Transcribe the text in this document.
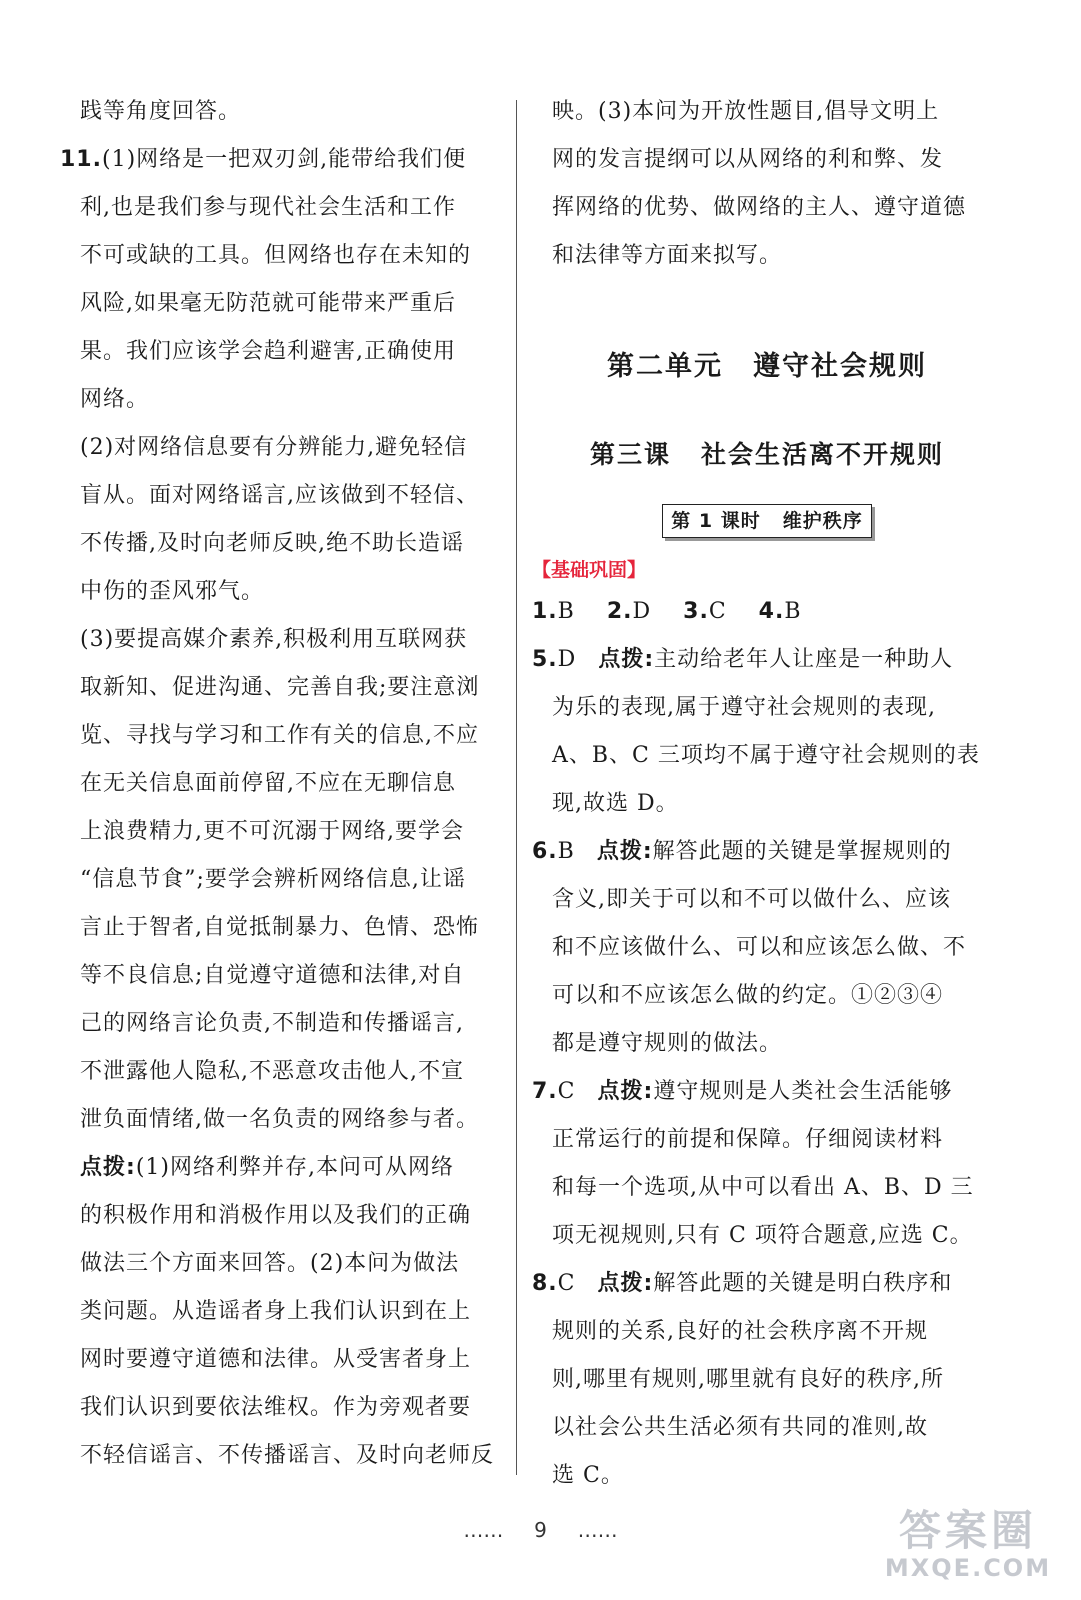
践等角度回答。
11.(1)网络是一把双刃剑,能带给我们便
利,也是我们参与现代社会生活和工作
不可或缺的工具。但网络也存在未知的
风险,如果毫无防范就可能带来严重后
果。我们应该学会趋利避害,正确使用
网络。
(2)对网络信息要有分辨能力,避免轻信
盲从。面对网络谣言,应该做到不轻信、
不传播,及时向老师反映,绝不助长造谣
中伤的歪风邪气。
(3)要提高媒介素养,积极利用互联网获
取新知、促进沟通、完善自我;要注意浏
览、寻找与学习和工作有关的信息,不应
在无关信息面前停留,不应在无聊信息
上浪费精力,更不可沉溺于网络,要学会
“信息节食”;要学会辨析网络信息,让谣
言止于智者,自觉抵制暴力、色情、恐怖
等不良信息;自觉遵守道德和法律,对自
己的网络言论负责,不制造和传播谣言,
不泄露他人隐私,不恶意攻击他人,不宣
泄负面情绪,做一名负责的网络参与者。
点拨:(1)网络利弊并存,本问可从网络
的积极作用和消极作用以及我们的正确
做法三个方面来回答。(2)本问为做法
类问题。从造谣者身上我们认识到在上
网时要遵守道德和法律。从受害者身上
我们认识到要依法维权。作为旁观者要
不轻信谣言、不传播谣言、及时向老师反
映。(3)本问为开放性题目,倡导文明上
网的发言提纲可以从网络的利和弊、发
挥网络的优势、做网络的主人、遵守道德
和法律等方面来拟写。
第二单元 遵守社会规则
第三课 社会生活离不开规则
第 1 课时 维护秩序
【基础巩固】
1.B 2.D 3.C 4.B
5.D 点拨:主动给老年人让座是一种助人
为乐的表现,属于遵守社会规则的表现,
A、B、C 三项均不属于遵守社会规则的表
现,故选 D。
6.B 点拨:解答此题的关键是掌握规则的
含义,即关于可以和不可以做什么、应该
和不应该做什么、可以和应该怎么做、不
可以和不应该怎么做的约定。①②③④
都是遵守规则的做法。
7.C 点拨:遵守规则是人类社会生活能够
正常运行的前提和保障。仔细阅读材料
和每一个选项,从中可以看出 A、B、D 三
项无视规则,只有 C 项符合题意,应选 C。
8.C 点拨:解答此题的关键是明白秩序和
规则的关系,良好的社会秩序离不开规
则,哪里有规则,哪里就有良好的秩序,所
以社会公共生活必须有共同的准则,故
选 C。
…… 9 ……	答案圈
MXQE.COM
